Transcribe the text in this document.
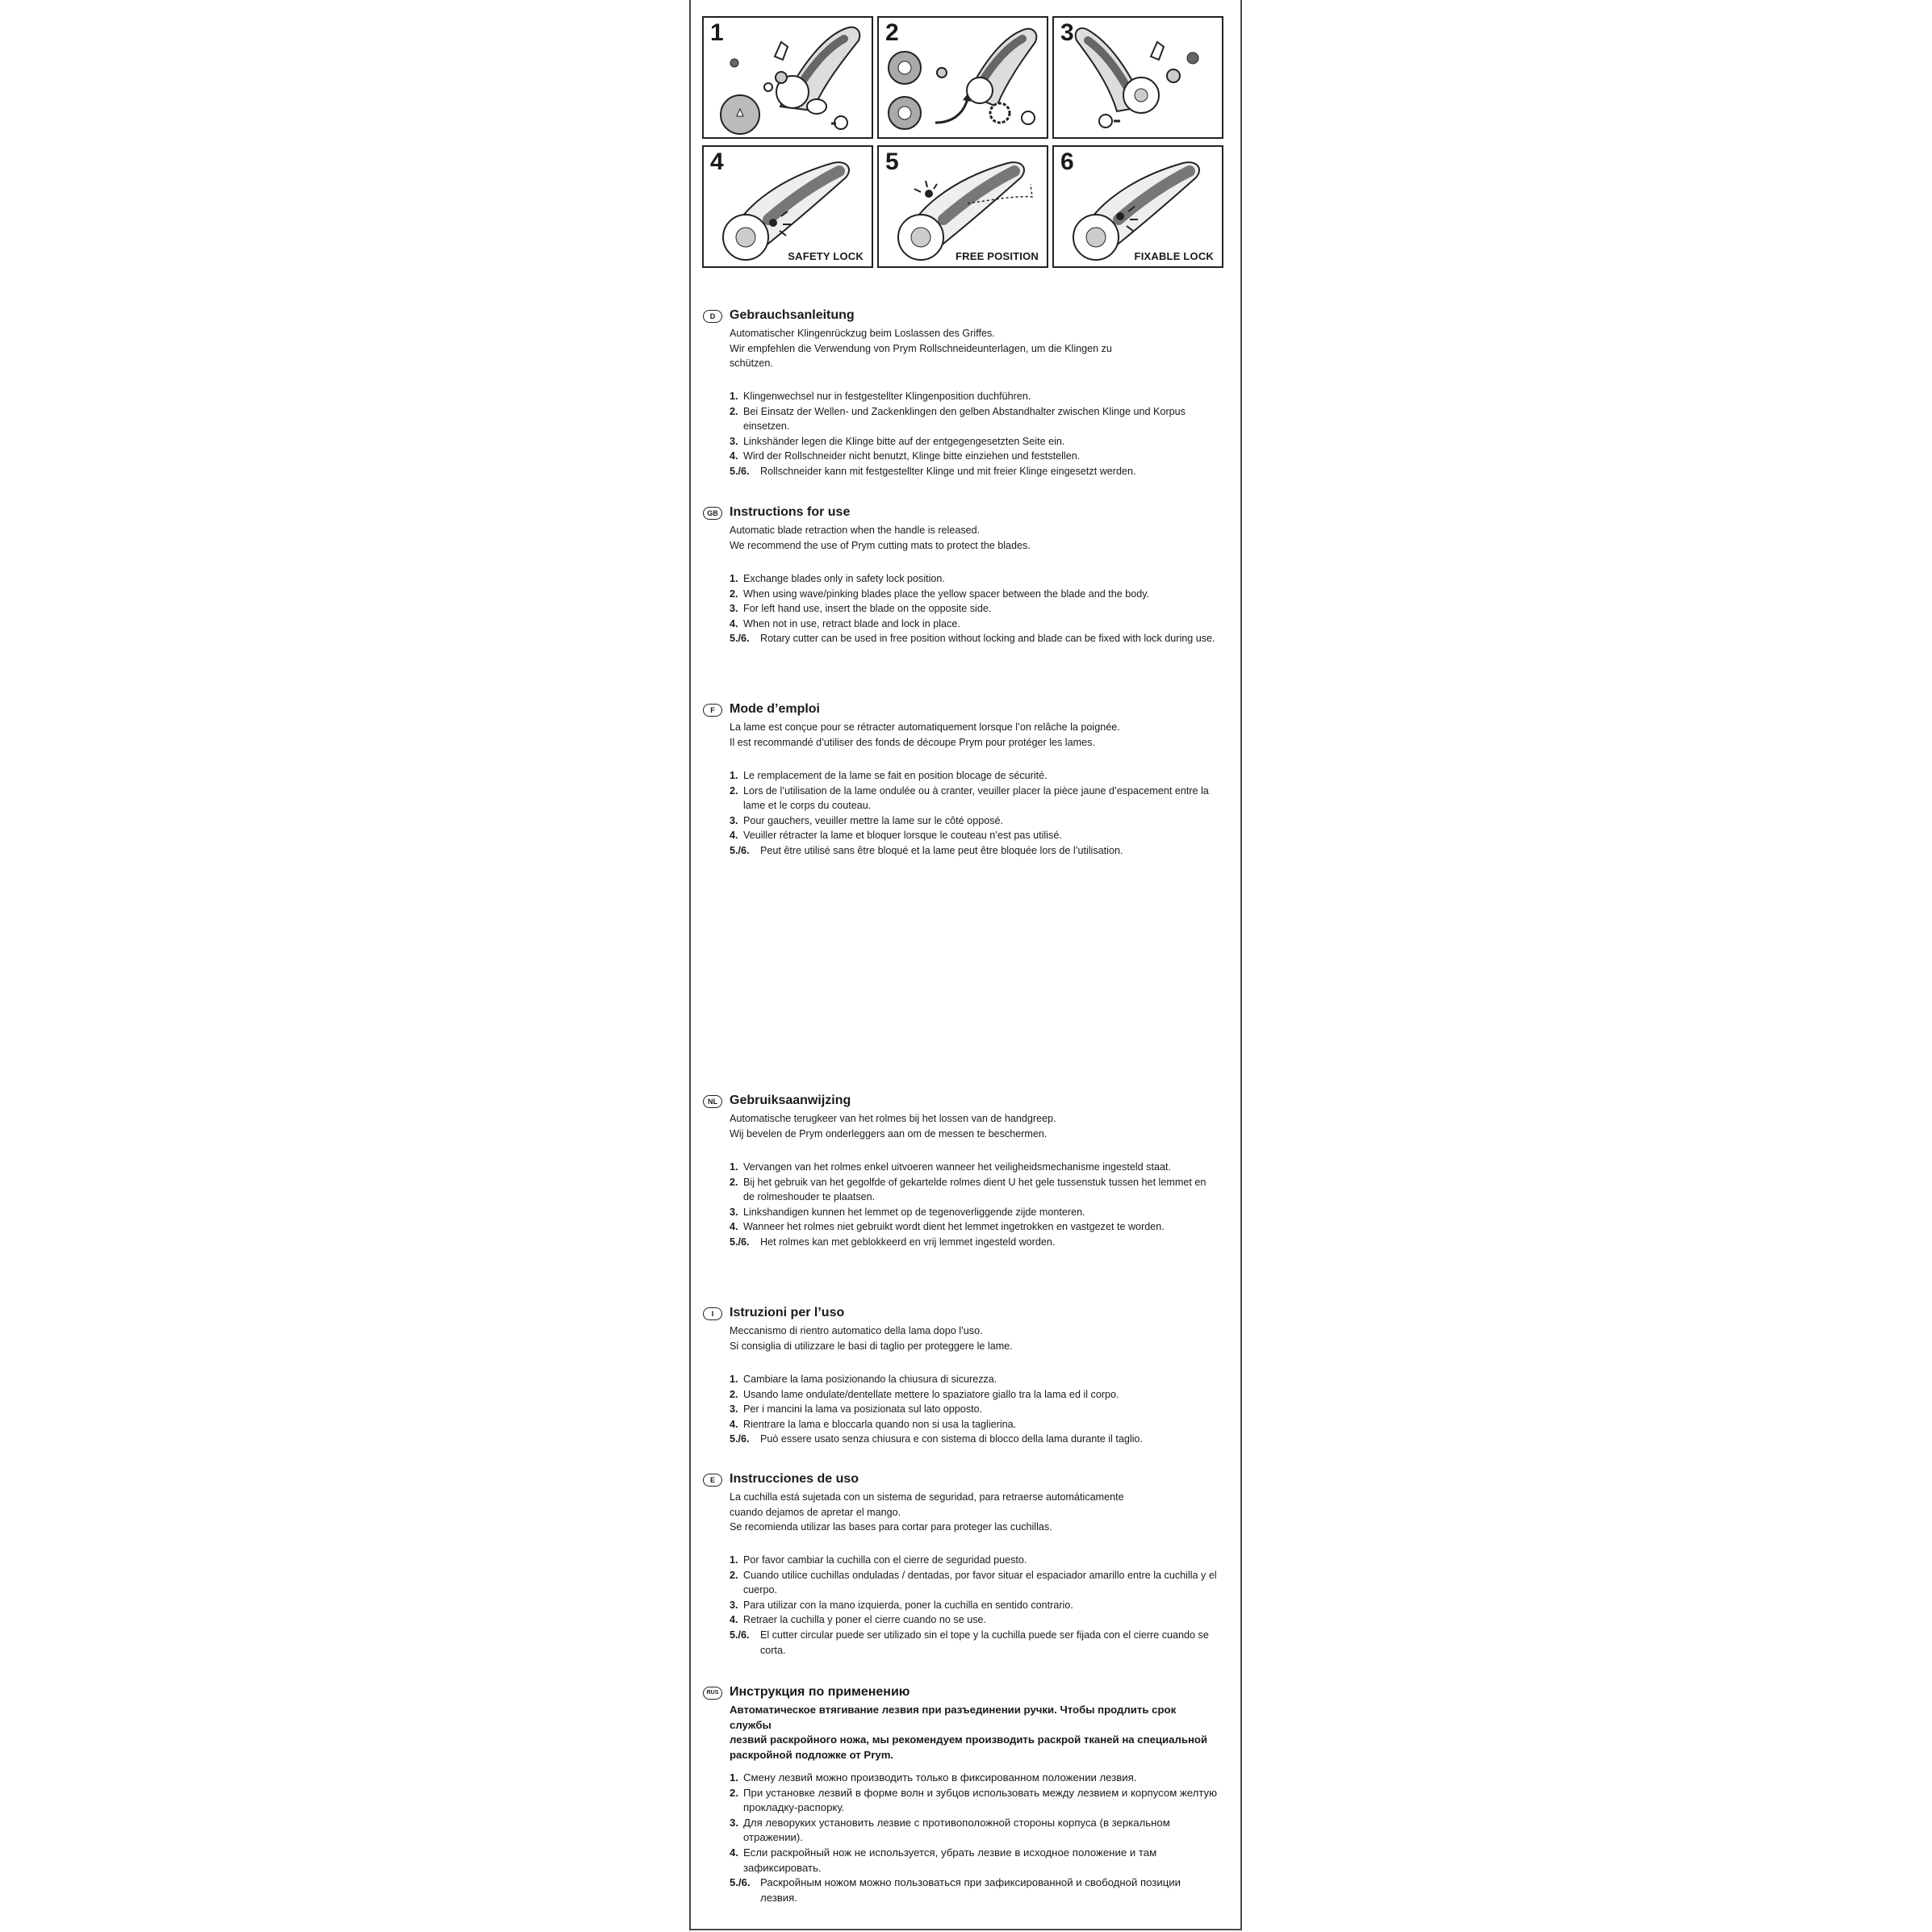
1	2	3
4
SAFETY LOCK
5
FREE POSITION
6
FIXABLE LOCK
D	Gebrauchsanleitung

Automatischer Klingenrückzug beim Loslassen des Griffes.

Wir empfehlen die Verwendung von Prym Rollschneideunterlagen, um die Klingen zu

schützen.

1. Klingenwechsel nur in festgestellter Klingenposition duchführen.
2. Bei Einsatz der Wellen- und Zackenklingen den gelben Abstandhalter zwischen Klinge und Korpus einsetzen.
3. Linkshänder legen die Klinge bitte auf der entgegengesetzten Seite ein.
4. Wird der Rollschneider nicht benutzt, Klinge bitte einziehen und feststellen.
5./6. Rollschneider kann mit festgestellter Klinge und mit freier Klinge eingesetzt werden.
GB Instructions for use

Automatic blade retraction when the handle is released.

We recommend the use of Prym cutting mats to protect the blades.

1. Exchange blades only in safety lock position.
2. When using wave/pinking blades place the yellow spacer between the blade and the body.
3. For left hand use, insert the blade on the opposite side.
4. When not in use, retract blade and lock in place.
5./6.	Rotary cutter can be used in free position without locking and blade can be fixed with lock during use.
F	Mode d’emploi

La lame est conçue pour se rétracter automatiquement lorsque l’on relâche la poignée.

Il est recommandé d’utiliser des fonds de découpe Prym pour protéger les lames.

1. Le remplacement de la lame se fait en position blocage de sécurité.
2. Lors de l’utilisation de la lame ondulée ou à cranter, veuiller placer la pièce jaune d’espacement entre la lame et le corps du couteau.
3. Pour gauchers, veuiller mettre la lame sur le côté opposé.
4. Veuiller rétracter la lame et bloquer lorsque le couteau n’est pas utilisé.
5./6. Peut être utilisé sans être bloqué et la lame peut être bloquée lors de l’utilisation.
NL Gebruiksaanwijzing

Automatische terugkeer van het rolmes bij het lossen van de handgreep.

Wij bevelen de Prym onderleggers aan om de messen te beschermen.

1. Vervangen van het rolmes enkel uitvoeren wanneer het veiligheidsmechanisme ingesteld staat.
2. Bij het gebruik van het gegolfde of gekartelde rolmes dient U het gele tussenstuk tussen het lemmet en de rolmeshouder te plaatsen.
3. Linkshandigen kunnen het lemmet op de tegenoverliggende zijde monteren.
4. Wanneer het rolmes niet gebruikt wordt dient het lemmet ingetrokken en vastgezet te worden.
5./6. Het rolmes kan met geblokkeerd en vrij lemmet ingesteld worden.
I	Istruzioni per l’uso

Meccanismo di rientro automatico della lama dopo l’uso.

Si consiglia di utilizzare le basi di taglio per proteggere le lame.

1. Cambiare la lama posizionando la chiusura di sicurezza.
2. Usando lame ondulate/dentellate mettere lo spaziatore giallo tra la lama ed il corpo.
3. Per i mancini la lama va posizionata sul lato opposto.
4. Rientrare la lama e bloccarla quando non si usa la taglierina.
5./6. Può essere usato senza chiusura e con sistema di blocco della lama durante il taglio.
E	Instrucciones de uso

La cuchilla está sujetada con un sistema de seguridad, para retraerse automáticamente

cuando dejamos de apretar el mango.

Se recomienda utilizar las bases para cortar para proteger las cuchillas.

1. Por favor cambiar la cuchilla con el cierre de seguridad puesto.
2. Cuando utilice cuchillas onduladas / dentadas, por favor situar el espaciador amarillo entre la cuchilla y el cuerpo.
3. Para utilizar con la mano izquierda, poner la cuchilla en sentido contrario.
4. Retraer la cuchilla y poner el cierre cuando no se use.
5./6.	El cutter circular puede ser utilizado sin el tope y la cuchilla puede ser fijada con el cierre cuando se corta.
RUS Инструкция по применению

Автоматическое втягивание лезвия при разъединении ручки. Чтобы продлить срок службы

лезвий раскройного ножа, мы рекомендуем производить раскрой тканей на специальной

раскройной подложке от Prym.

1. Смену лезвий можно производить только в фиксированном положении лезвия.
2. При установке лезвий в форме волн и зубцов использовать между лезвием и корпусом желтую прокладку-распорку.
3. Для леворуких установить лезвие с противоположной стороны корпуса (в зеркальном отражении).
4. Если раскройный нож не используется, убрать лезвие в исходное положение и там зафиксировать.
5./6. Раскройным ножом можно пользоваться при зафиксированной и свободной позиции лезвия.
